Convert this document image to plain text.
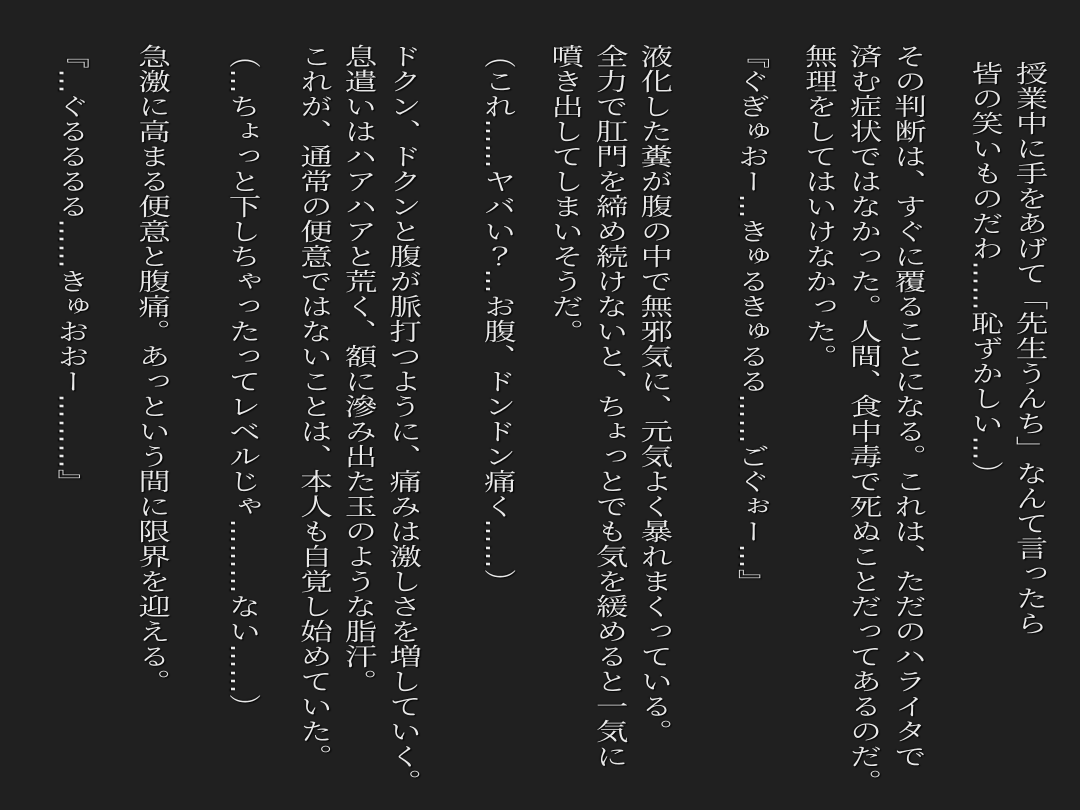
授業中に手をあげて「先生うんち」なんて言ったら
皆の笑いものだわ……恥ずかしい…）

その判断は、すぐに覆ることになる。これは、ただのハライタで
済む症状ではなかった。人間、食中毒で死ぬことだってあるのだ。
無理をしてはいけなかった。

『ぐぎゅおー…きゅるきゅるる……ごぐぉー…』

液化した糞が腹の中で無邪気に、元気よく暴れまくっている。
全力で肛門を締め続けないと、ちょっとでも気を緩めると一気に
噴き出してしまいそうだ。

（これ……ヤバい？…お腹、ドンドン痛く……）

ドクン、ドクンと腹が脈打つように、痛みは激しさを増していく。
息遣いはハアハアと荒く、額に滲み出た玉のような脂汗。
これが、通常の便意ではないことは、本人も自覚し始めていた。

（…ちょっと下しちゃったってレベルじゃ………ない……）

急激に高まる便意と腹痛。あっという間に限界を迎える。

『…ぐるるるる……きゅおおー………』
